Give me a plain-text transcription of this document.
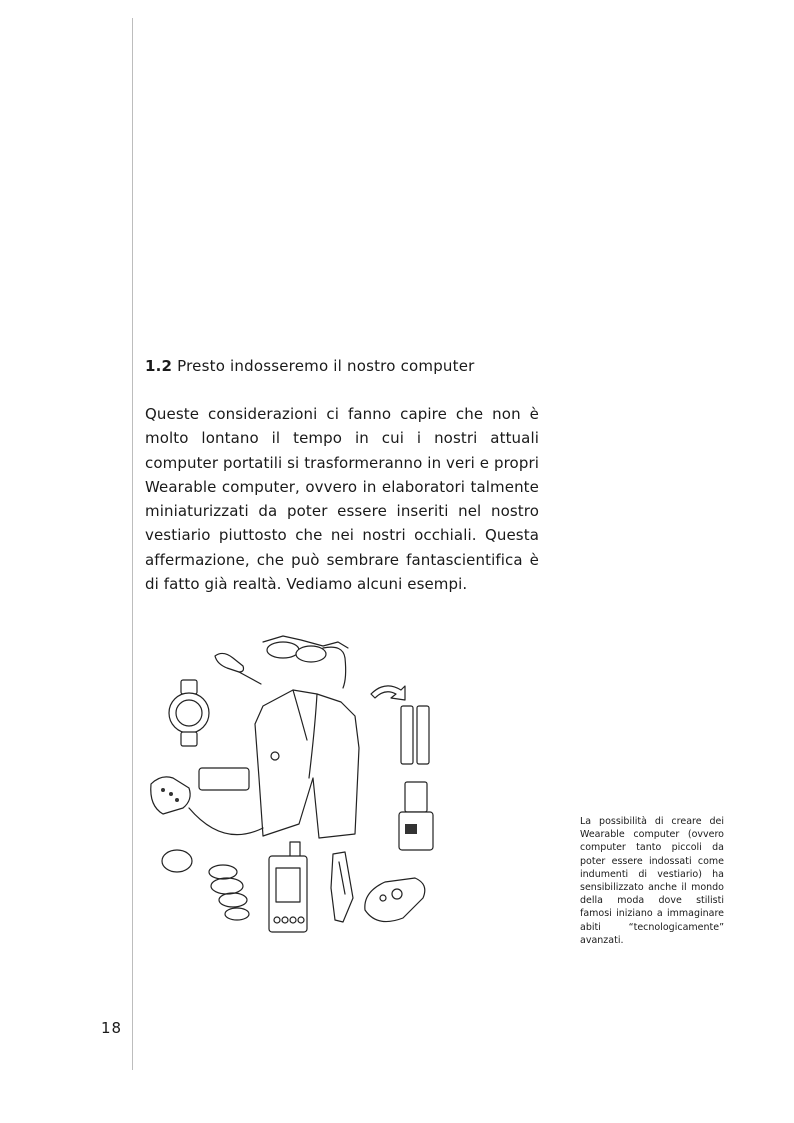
1.2 Presto indosseremo il nostro computer

Queste considerazioni ci fanno capire che non è molto lontano il tempo in cui i nostri attuali computer portatili si trasformeranno in veri e propri Wearable computer, ovvero in elaboratori talmente miniaturizzati da poter essere inseriti nel nostro vestiario piuttosto che nei nostri occhiali. Questa affermazione, che può sembrare fantascientifica è di fatto già realtà. Vediamo alcuni esempi.

La possibilità di creare dei Wearable computer (ovvero computer tanto piccoli da poter essere indossati come indumenti di vestiario) ha sensibilizzato anche il mondo della moda dove stilisti famosi iniziano a immaginare abiti “tecnologicamente” avanzati.

18
